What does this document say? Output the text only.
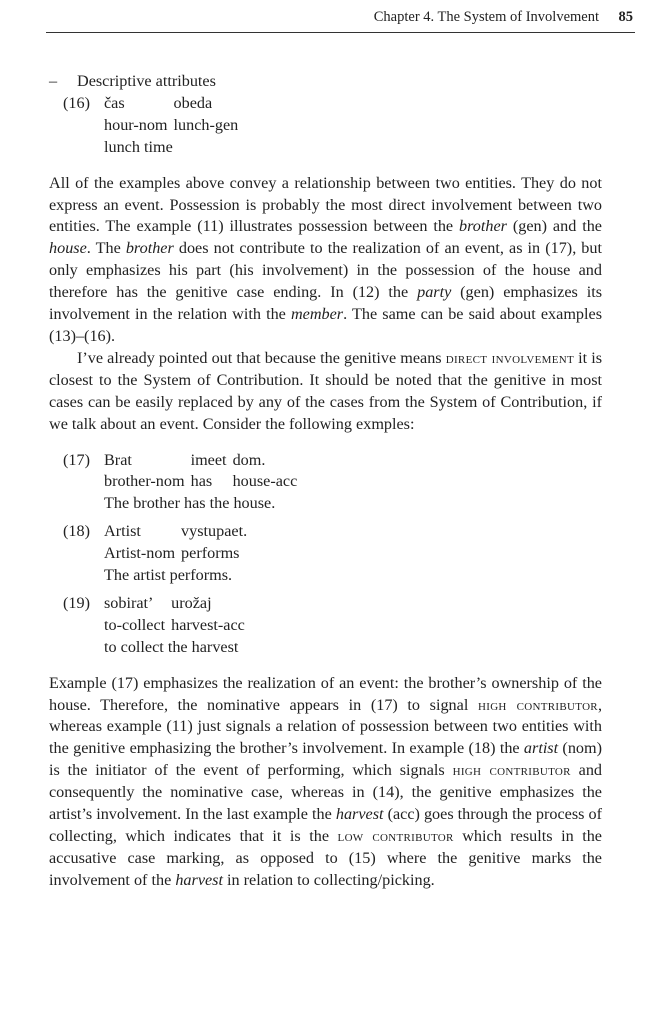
Chapter 4. The System of Involvement 85
–	Descriptive attributes
(16) čas	obeda
hour-nom	lunch-gen
lunch time

All of the examples above convey a relationship between two entities. They do not express an event. Possession is probably the most direct involvement between two entities. The example (11) illustrates possession between the brother (gen) and the house. The brother does not contribute to the realization of an event, as in (17), but only emphasizes his part (his involvement) in the possession of the house and therefore has the genitive case ending. In (12) the party (gen) emphasizes its involvement in the relation with the member. The same can be said about examples (13)–(16).

I’ve already pointed out that because the genitive means direct involvement it is closest to the System of Contribution. It should be noted that the genitive in most cases can be easily replaced by any of the cases from the System of Contribution, if we talk about an event. Consider the following exmples:

(17) Brat	imeet	dom.
brother-nom	has	house-acc
The brother has the house.
(18) Artist	vystupaet.
Artist-nom	performs
The artist performs.
(19) sobirat’	urožaj
to-collect	harvest-acc
to collect the harvest

Example (17) emphasizes the realization of an event: the brother’s ownership of the house. Therefore, the nominative appears in (17) to signal high contributor, whereas example (11) just signals a relation of possession between two entities with the genitive emphasizing the brother’s involvement. In example (18) the artist (nom) is the initiator of the event of performing, which signals high contributor and consequently the nominative case, whereas in (14), the genitive emphasizes the artist’s involvement. In the last example the harvest (acc) goes through the process of collecting, which indicates that it is the low contributor which results in the accusative case marking, as opposed to (15) where the genitive marks the involvement of the harvest in relation to collecting/picking.
